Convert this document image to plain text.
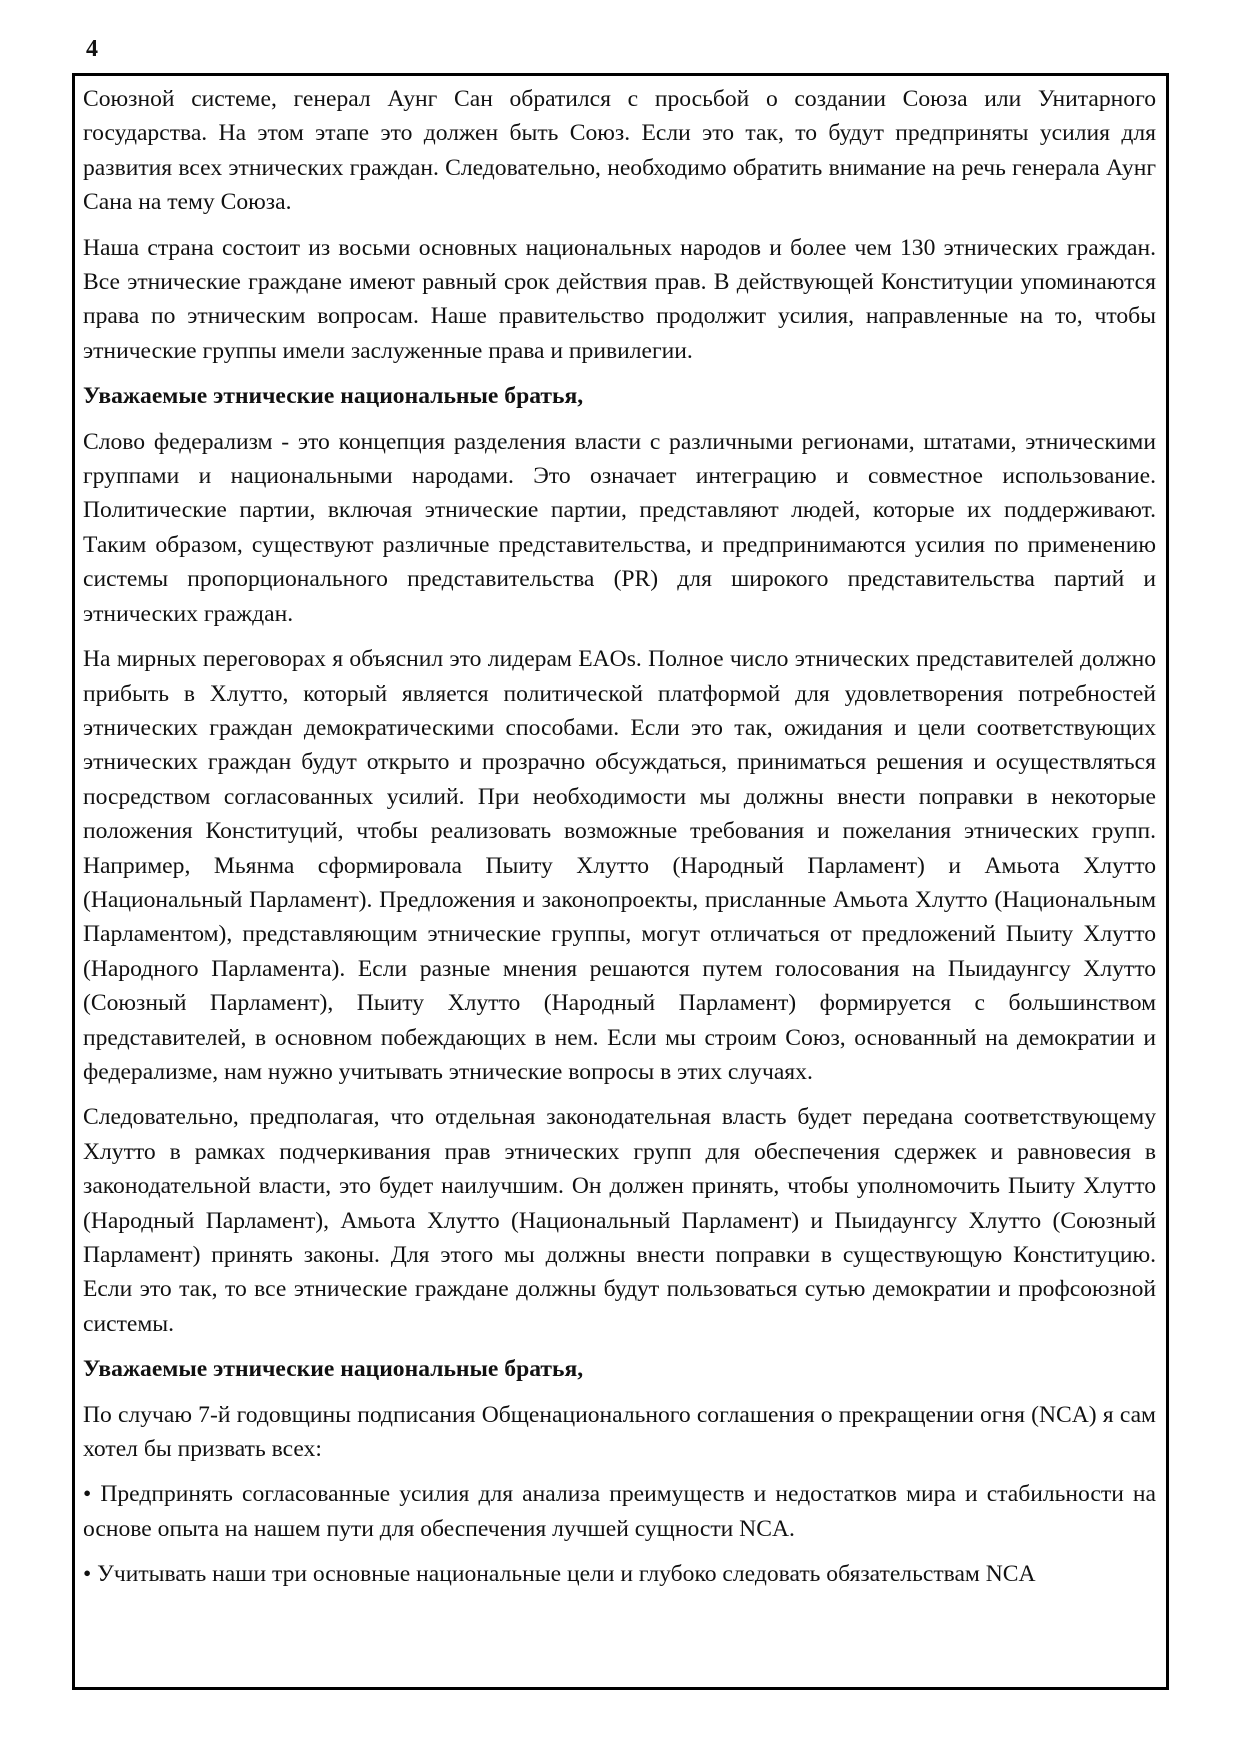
4

Союзной системе, генерал Аунг Сан обратился с просьбой о создании Союза или Унитарного государства. На этом этапе это должен быть Союз. Если это так, то будут предприняты усилия для развития всех этнических граждан. Следовательно, необходимо обратить внимание на речь генерала Аунг Сана на тему Союза.

Наша страна состоит из восьми основных национальных народов и более чем 130 этнических граждан. Все этнические граждане имеют равный срок действия прав. В действующей Конституции упоминаются права по этническим вопросам. Наше правительство продолжит усилия, направленные на то, чтобы этнические группы имели заслуженные права и привилегии.

Уважаемые этнические национальные братья,

Слово федерализм - это концепция разделения власти с различными регионами, штатами, этническими группами и национальными народами. Это означает интеграцию и совместное использование. Политические партии, включая этнические партии, представляют людей, которые их поддерживают. Таким образом, существуют различные представительства, и предпринимаются усилия по применению системы пропорционального представительства (PR) для широкого представительства партий и этнических граждан.

На мирных переговорах я объяснил это лидерам EAOs. Полное число этнических представителей должно прибыть в Хлутто, который является политической платформой для удовлетворения потребностей этнических граждан демократическими способами. Если это так, ожидания и цели соответствующих этнических граждан будут открыто и прозрачно обсуждаться, приниматься решения и осуществляться посредством согласованных усилий. При необходимости мы должны внести поправки в некоторые положения Конституций, чтобы реализовать возможные требования и пожелания этнических групп. Например, Мьянма сформировала Пыиту Хлутто (Народный Парламент) и Амьота Хлутто (Национальный Парламент). Предложения и законопроекты, присланные Амьота Хлутто (Национальным Парламентом), представляющим этнические группы, могут отличаться от предложений Пыиту Хлутто (Народного Парламента). Если разные мнения решаются путем голосования на Пыидаунгсу Хлутто (Союзный Парламент), Пыиту Хлутто (Народный Парламент) формируется с большинством представителей, в основном побеждающих в нем. Если мы строим Союз, основанный на демократии и федерализме, нам нужно учитывать этнические вопросы в этих случаях.

Следовательно, предполагая, что отдельная законодательная власть будет передана соответствующему Хлутто в рамках подчеркивания прав этнических групп для обеспечения сдержек и равновесия в законодательной власти, это будет наилучшим. Он должен принять, чтобы уполномочить Пыиту Хлутто (Народный Парламент), Амьота Хлутто (Национальный Парламент) и Пыидаунгсу Хлутто (Союзный Парламент) принять законы. Для этого мы должны внести поправки в существующую Конституцию. Если это так, то все этнические граждане должны будут пользоваться сутью демократии и профсоюзной системы.

Уважаемые этнические национальные братья,

По случаю 7-й годовщины подписания Общенационального соглашения о прекращении огня (NCA) я сам хотел бы призвать всех:

• Предпринять согласованные усилия для анализа преимуществ и недостатков мира и стабильности на основе опыта на нашем пути для обеспечения лучшей сущности NCA.

• Учитывать наши три основные национальные цели и глубоко следовать обязательствам NCA
